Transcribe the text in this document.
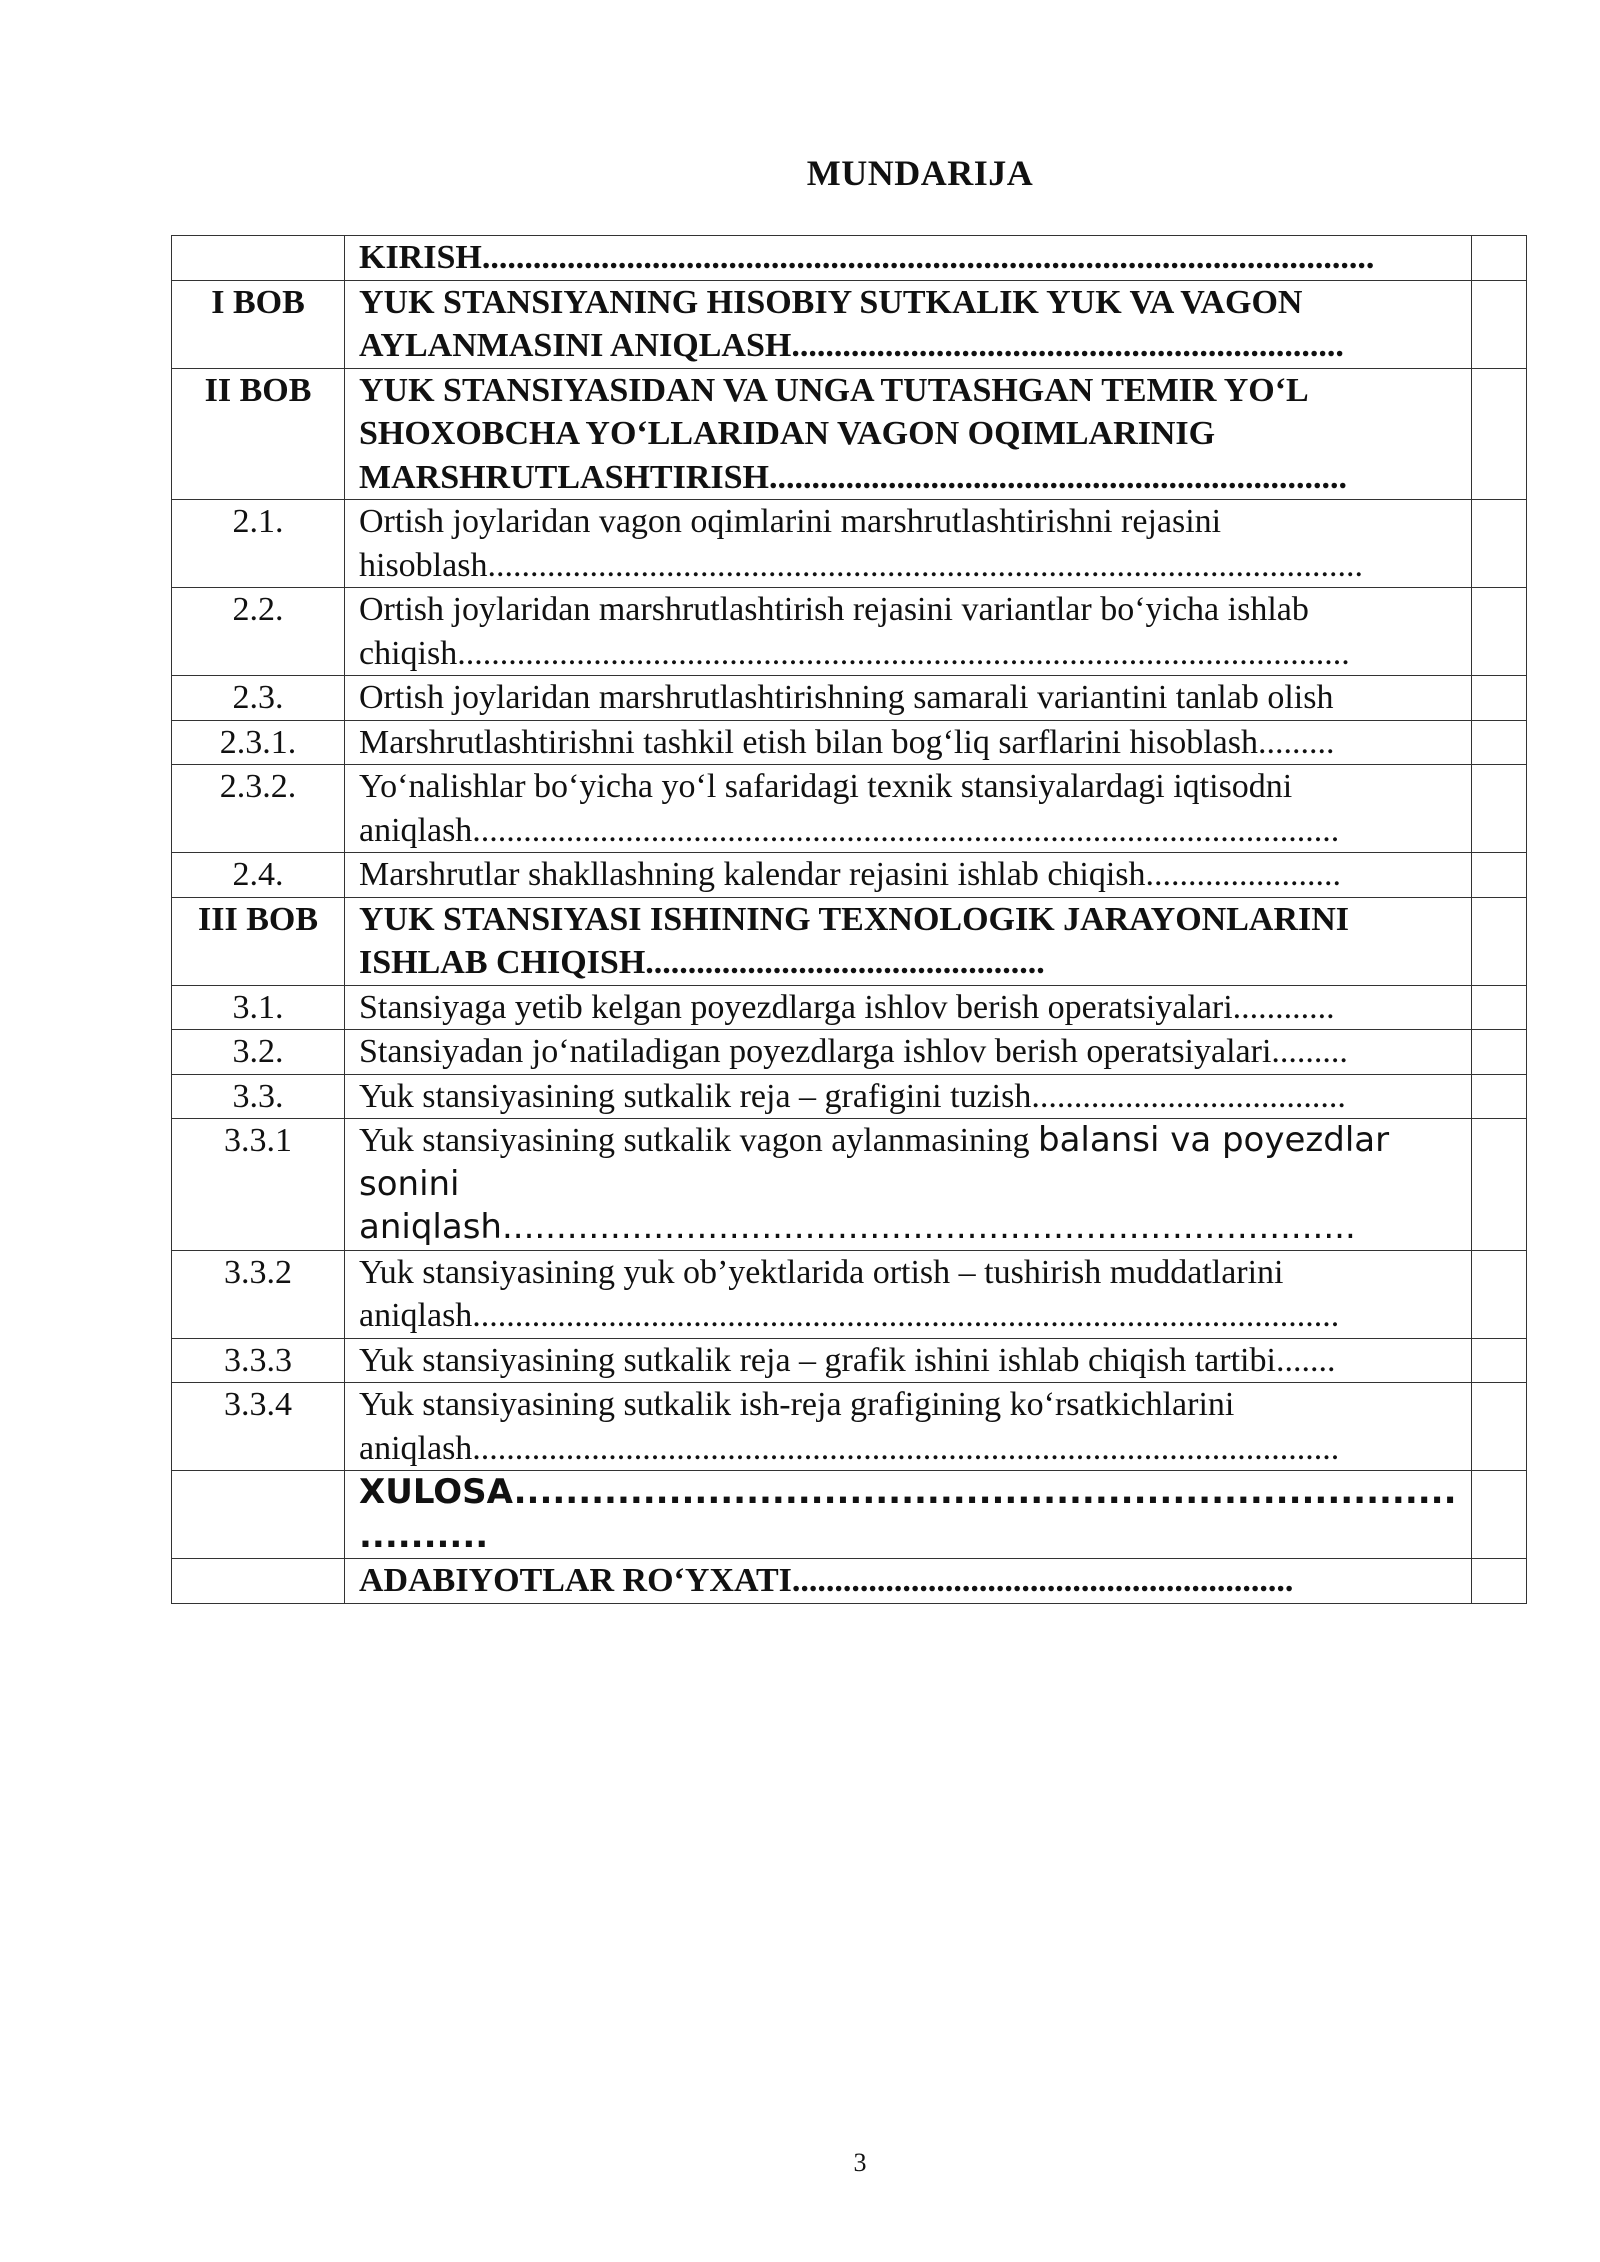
MUNDARIJA

	KIRISH.........................................................................................................	

I BOB	YUK STANSIYANING HISOBIY SUTKALIK YUK VA VAGON AYLANMASINI ANIQLASH.................................................................	

II BOB	YUK STANSIYASIDAN VA UNGA TUTASHGAN TEMIR YO‘L SHOXOBCHA YO‘LLARIDAN VAGON OQIMLARINIG MARSHRUTLASHTIRISH....................................................................	

2.1.	Ortish joylaridan vagon oqimlarini marshrutlashtirishni rejasini hisoblash.......................................................................................................	

2.2.	Ortish joylaridan marshrutlashtirish rejasini variantlar bo‘yicha ishlab chiqish.........................................................................................................	

2.3.	Ortish joylaridan marshrutlashtirishning samarali variantini tanlab olish	

2.3.1.	Marshrutlashtirishni tashkil etish bilan bog‘liq sarflarini hisoblash.........	

2.3.2.	Yo‘nalishlar bo‘yicha yo‘l safaridagi texnik stansiyalardagi iqtisodni aniqlash......................................................................................................	

2.4.	Marshrutlar shakllashning kalendar rejasini ishlab chiqish.......................	

III BOB	YUK STANSIYASI ISHINING TEXNOLOGIK JARAYONLARINI ISHLAB CHIQISH...............................................	

3.1.	Stansiyaga yetib kelgan poyezdlarga ishlov berish operatsiyalari............	

3.2.	Stansiyadan jo‘natiladigan poyezdlarga ishlov berish operatsiyalari.........	

3.3.	Yuk stansiyasining sutkalik reja – grafigini tuzish.....................................	

3.3.1	Yuk stansiyasining sutkalik vagon aylanmasining balansi va poyezdlar sonini aniqlash...............................................................................	

3.3.2	Yuk stansiyasining yuk ob’yektlarida ortish – tushirish muddatlarini aniqlash......................................................................................................	

3.3.3	Yuk stansiyasining sutkalik reja – grafik ishini ishlab chiqish tartibi.......	

3.3.4	Yuk stansiyasining sutkalik ish-reja grafigining ko‘rsatkichlarini aniqlash......................................................................................................	

	XULOSA...................................................................................	

	ADABIYOTLAR RO‘YXATI...........................................................	

3
